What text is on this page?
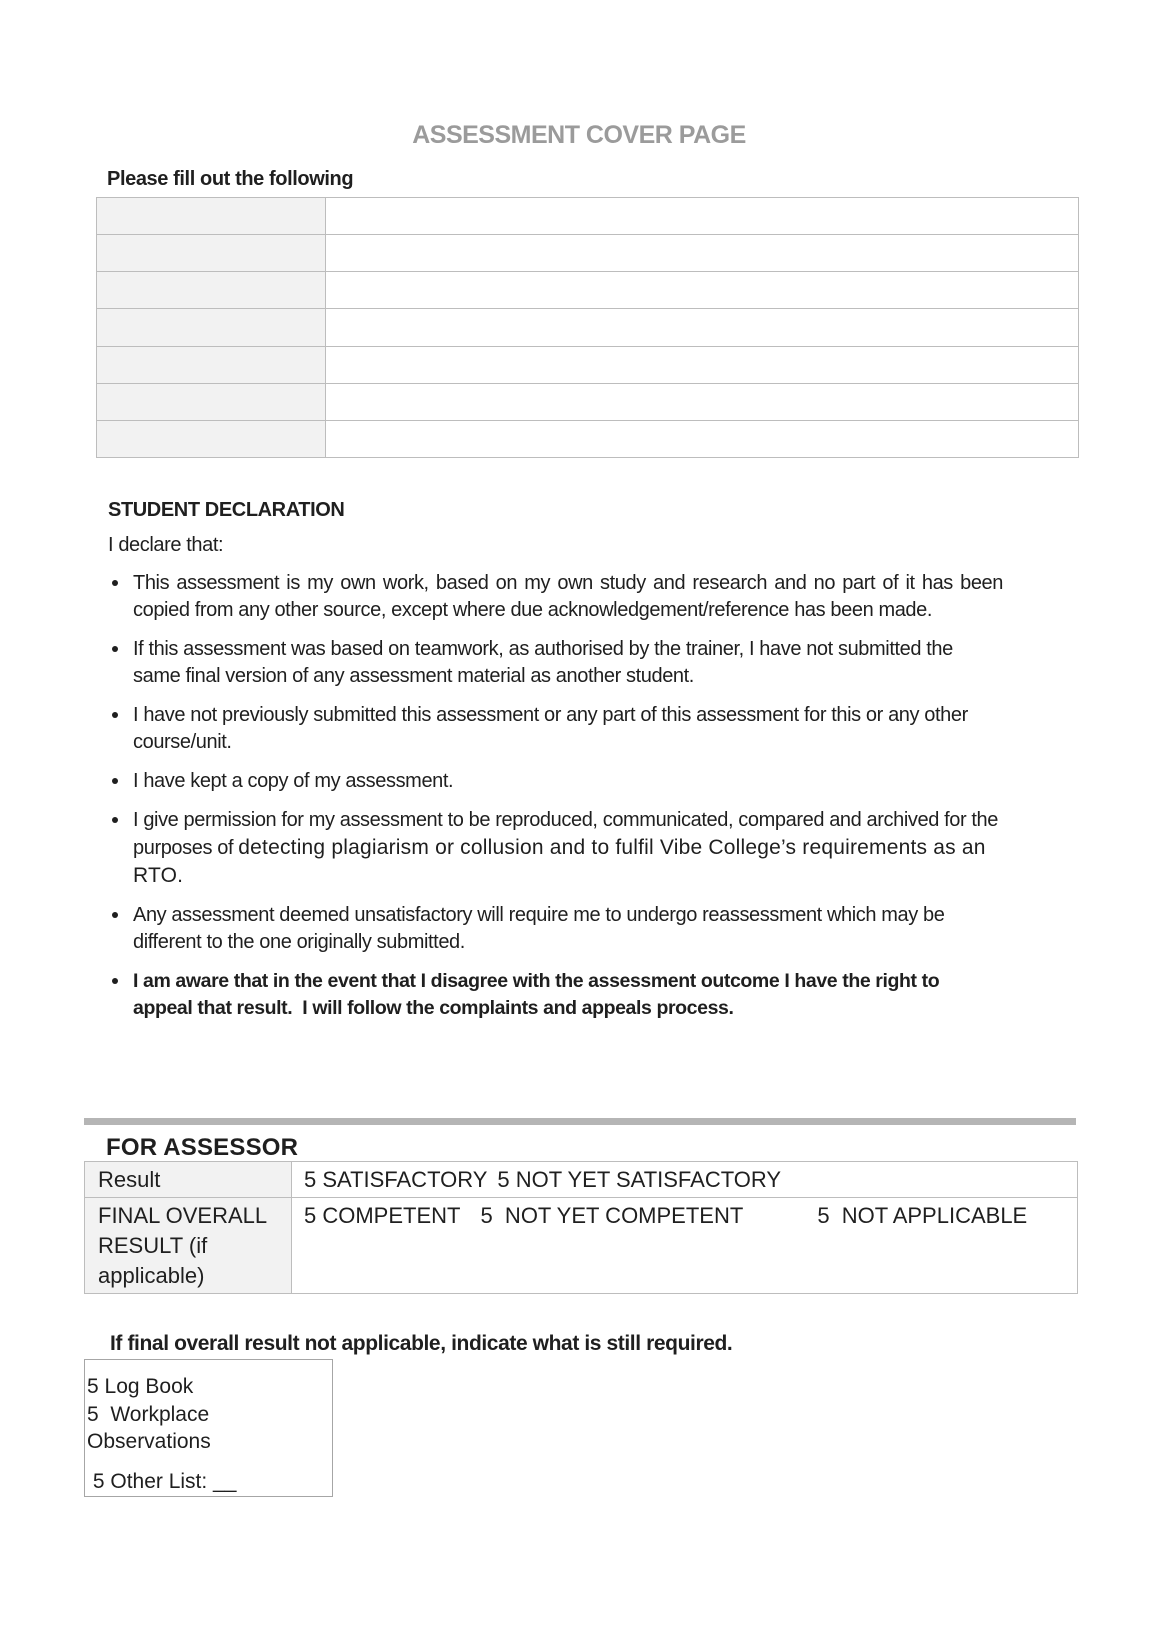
ASSESSMENT COVER PAGE
Please fill out the following
STUDENT DECLARATION
I declare that:
This assessment is my own work, based on my own study and research and no part of it has been copied from any other source, except where due acknowledgement/reference has been made.
If this assessment was based on teamwork, as authorised by the trainer, I have not submitted the same final version of any assessment material as another student.
I have not previously submitted this assessment or any part of this assessment for this or any other course/unit.
I have kept a copy of my assessment.
I give permission for my assessment to be reproduced, communicated, compared and archived for the purposes of detecting plagiarism or collusion and to fulfil Vibe College’s requirements as an RTO.
Any assessment deemed unsatisfactory will require me to undergo reassessment which may be different to the one originally submitted.
I am aware that in the event that I disagree with the assessment outcome I have the right to appeal that result.  I will follow the complaints and appeals process.
FOR ASSESSOR
Result	5 SATISFACTORY 5 NOT YET SATISFACTORY
FINAL OVERALL RESULT (if applicable)
5 COMPETENT 5  NOT YET COMPETENT	5  NOT APPLICABLE
If final overall result not applicable, indicate what is still required.
5 Log Book
5  Workplace Observations
5 Other List: __
